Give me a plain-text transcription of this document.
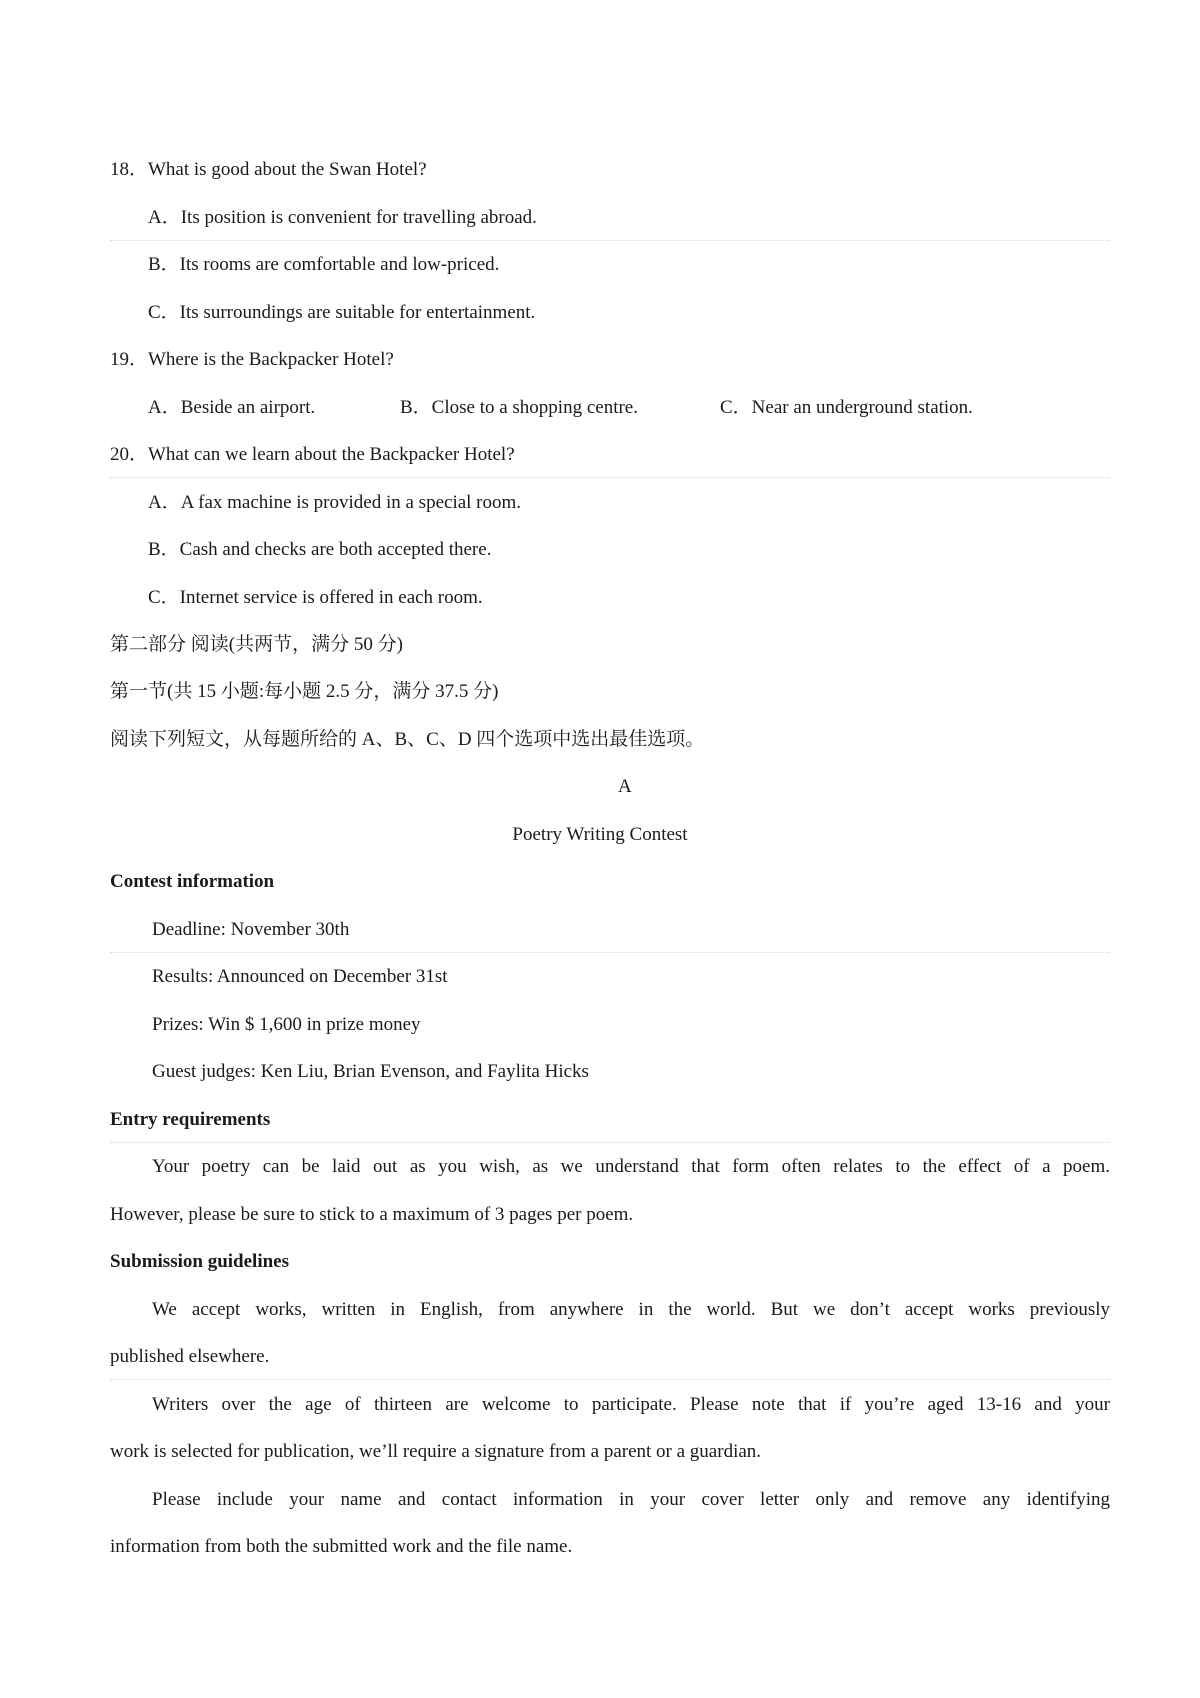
18．What is good about the Swan Hotel?
A．Its position is convenient for travelling abroad.
B．Its rooms are comfortable and low-priced.
C．Its surroundings are suitable for entertainment.
19．Where is the Backpacker Hotel?
A．Beside an airport.	B．Close to a shopping centre.	C．Near an underground station.
20．What can we learn about the Backpacker Hotel?
A．A fax machine is provided in a special room.
B．Cash and checks are both accepted there.
C．Internet service is offered in each room.
第二部分 阅读(共两节，满分 50 分)
第一节(共 15 小题:每小题 2.5 分，满分 37.5 分)
阅读下列短文，从每题所给的 A、B、C、D 四个选项中选出最佳选项。
A
Poetry Writing Contest
Contest information
Deadline: November 30th
Results: Announced on December 31st
Prizes: Win $ 1,600 in prize money
Guest judges: Ken Liu, Brian Evenson, and Faylita Hicks
Entry requirements
Your poetry can be laid out as you wish, as we understand that form often relates to the effect of a poem.
However, please be sure to stick to a maximum of 3 pages per poem.
Submission guidelines
We accept works, written in English, from anywhere in the world. But we don’t accept works previously
published elsewhere.
Writers over the age of thirteen are welcome to participate. Please note that if you’re aged 13-16 and your
work is selected for publication, we’ll require a signature from a parent or a guardian.
Please include your name and contact information in your cover letter only and remove any identifying
information from both the submitted work and the file name.
